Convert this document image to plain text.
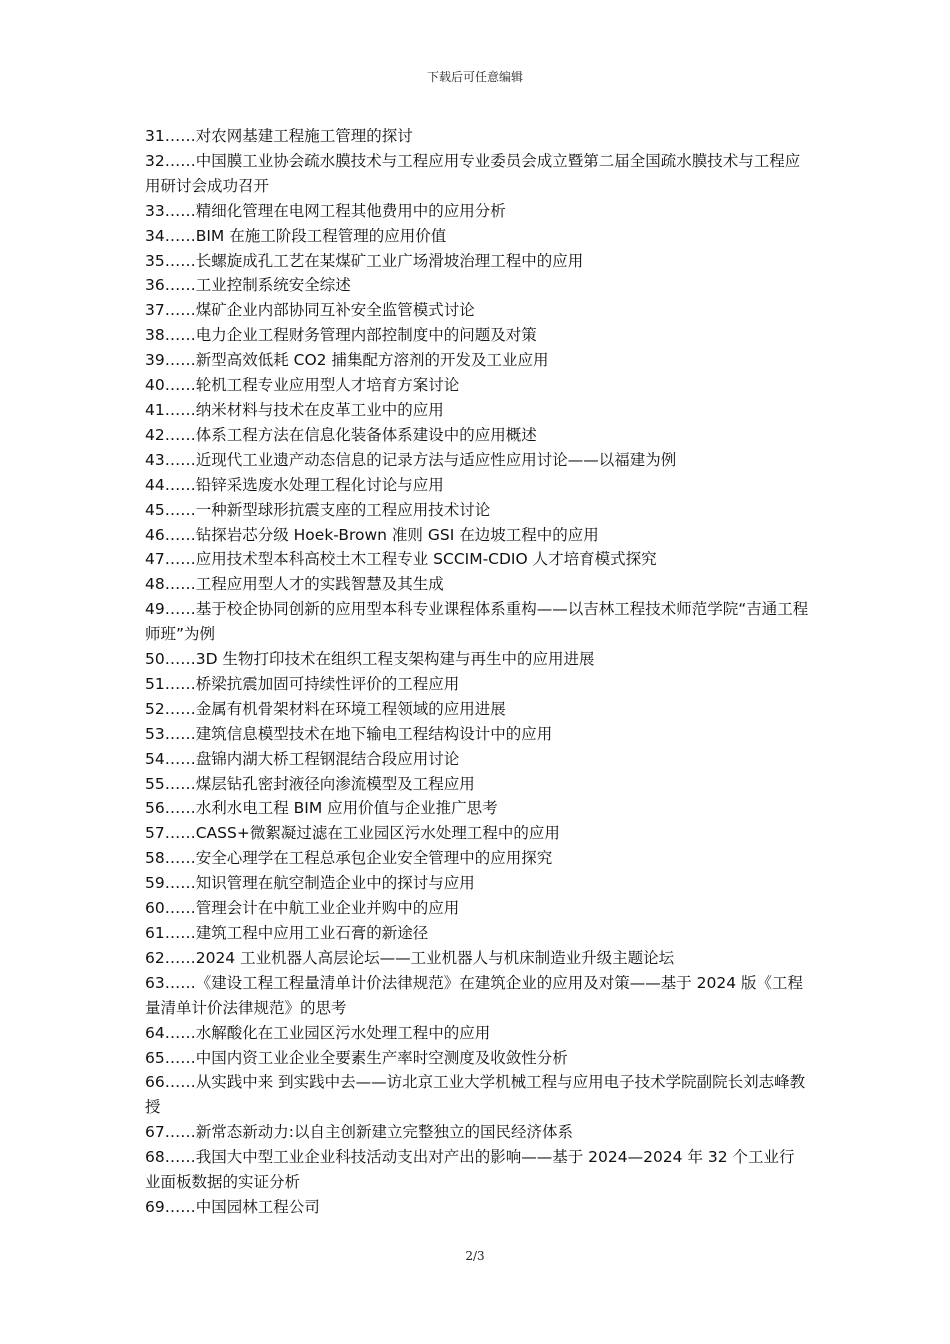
下载后可任意编辑

31……对农网基建工程施工管理的探讨

32……中国膜工业协会疏水膜技术与工程应用专业委员会成立暨第二届全国疏水膜技术与工程应用研讨会成功召开

33……精细化管理在电网工程其他费用中的应用分析

34……BIM 在施工阶段工程管理的应用价值

35……长螺旋成孔工艺在某煤矿工业广场滑坡治理工程中的应用

36……工业控制系统安全综述

37……煤矿企业内部协同互补安全监管模式讨论

38……电力企业工程财务管理内部控制度中的问题及对策

39……新型高效低耗 CO2 捕集配方溶剂的开发及工业应用

40……轮机工程专业应用型人才培育方案讨论

41……纳米材料与技术在皮革工业中的应用

42……体系工程方法在信息化装备体系建设中的应用概述

43……近现代工业遗产动态信息的记录方法与适应性应用讨论——以福建为例

44……铅锌采选废水处理工程化讨论与应用

45……一种新型球形抗震支座的工程应用技术讨论

46……钻探岩芯分级 Hoek-Brown 准则 GSI 在边坡工程中的应用

47……应用技术型本科高校土木工程专业 SCCIM-CDIO 人才培育模式探究

48……工程应用型人才的实践智慧及其生成

49……基于校企协同创新的应用型本科专业课程体系重构——以吉林工程技术师范学院“吉通工程师班”为例

50……3D 生物打印技术在组织工程支架构建与再生中的应用进展

51……桥梁抗震加固可持续性评价的工程应用

52……金属有机骨架材料在环境工程领域的应用进展

53……建筑信息模型技术在地下输电工程结构设计中的应用

54……盘锦内湖大桥工程钢混结合段应用讨论

55……煤层钻孔密封液径向渗流模型及工程应用

56……水利水电工程 BIM 应用价值与企业推广思考

57……CASS+微絮凝过滤在工业园区污水处理工程中的应用

58……安全心理学在工程总承包企业安全管理中的应用探究

59……知识管理在航空制造企业中的探讨与应用

60……管理会计在中航工业企业并购中的应用

61……建筑工程中应用工业石膏的新途径

62……2024 工业机器人高层论坛——工业机器人与机床制造业升级主题论坛

63……《建设工程工程量清单计价法律规范》在建筑企业的应用及对策——基于 2024 版《工程量清单计价法律规范》的思考

64……水解酸化在工业园区污水处理工程中的应用

65……中国内资工业企业全要素生产率时空测度及收敛性分析

66……从实践中来 到实践中去——访北京工业大学机械工程与应用电子技术学院副院长刘志峰教授

67……新常态新动力:以自主创新建立完整独立的国民经济体系

68……我国大中型工业企业科技活动支出对产出的影响——基于 2024—2024 年 32 个工业行业面板数据的实证分析

69……中国园林工程公司

2/3
